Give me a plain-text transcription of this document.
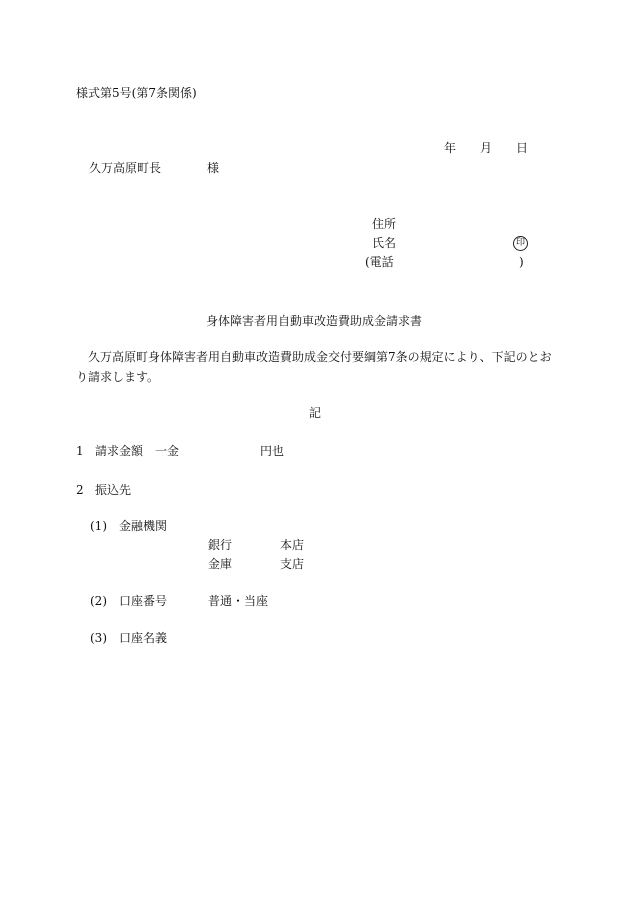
様式第5号(第7条関係)
年 月 日
久万高原町長	様
住所
氏名	印
(電話	)
身体障害者用自動車改造費助成金請求書
久万高原町身体障害者用自動車改造費助成金交付要綱第7条の規定により、下記のとおり請求します。
記
1 請求金額 一金	円也
2 振込先
(1) 金融機関
銀行	本店
金庫	支店
(2) 口座番号	普通・当座
(3) 口座名義
